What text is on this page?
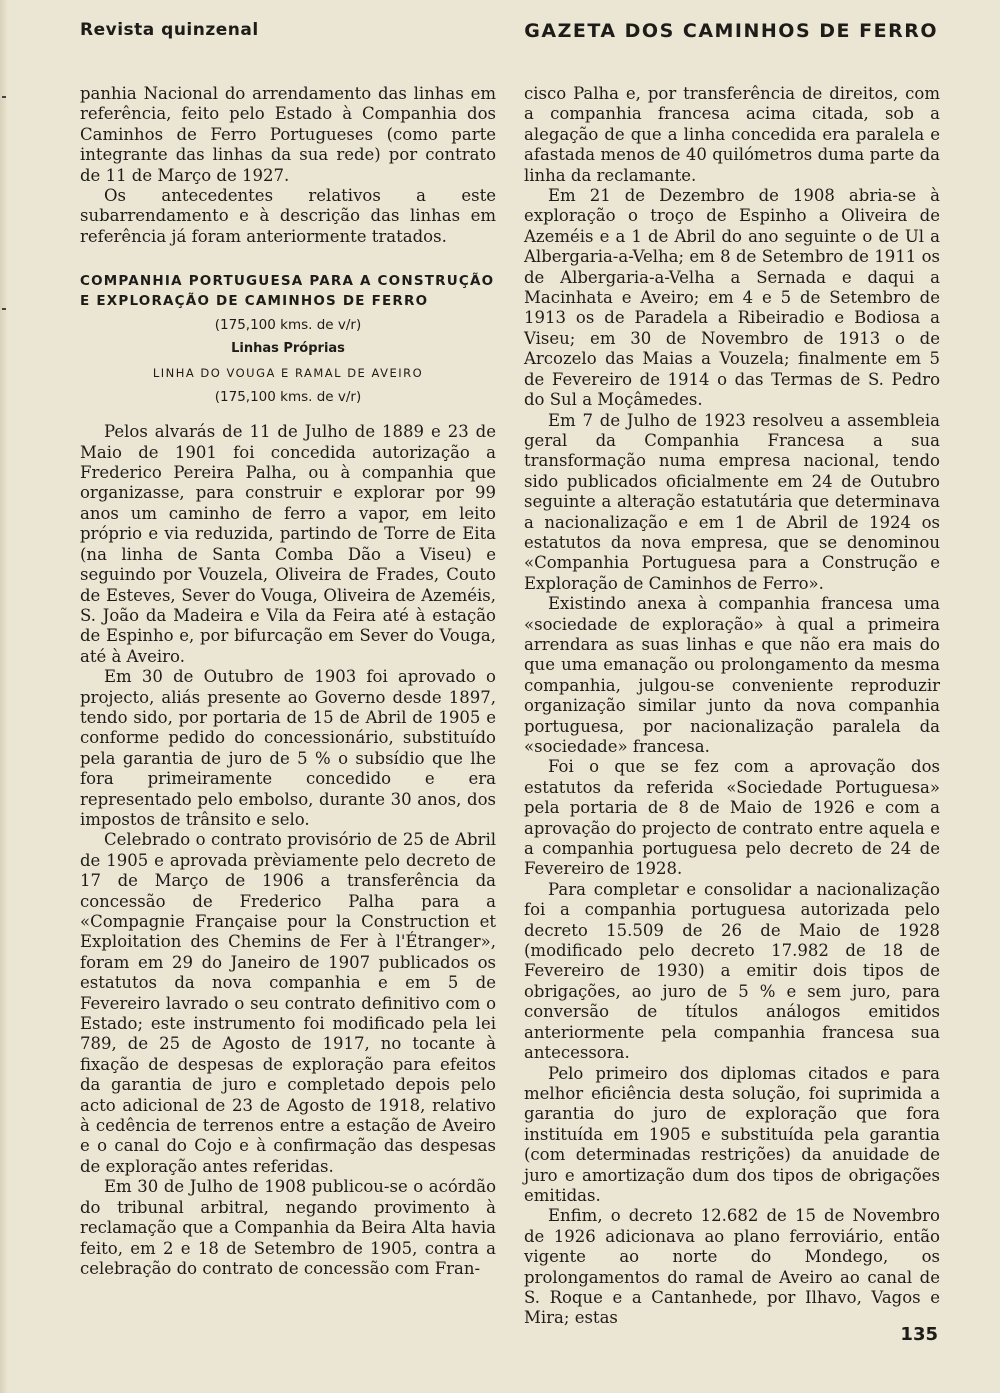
Revista quinzenal	GAZETA DOS CAMINHOS DE FERRO

panhia Nacional do arrendamento das linhas em referência, feito pelo Estado à Companhia dos Caminhos de Ferro Portugueses (como parte integrante das linhas da sua rede) por contrato de 11 de Março de 1927.

Os antecedentes relativos a este subarrendamento e à descrição das linhas em referência já foram anteriormente tratados.

COMPANHIA PORTUGUESA PARA A CONSTRUÇÃO E EXPLORAÇÃO DE CAMINHOS DE FERRO
(175,100 kms. de v/r)
Linhas Próprias
LINHA DO VOUGA E RAMAL DE AVEIRO
(175,100 kms. de v/r)

Pelos alvarás de 11 de Julho de 1889 e 23 de Maio de 1901 foi concedida autorização a Frederico Pereira Palha, ou à companhia que organizasse, para construir e explorar por 99 anos um caminho de ferro a vapor, em leito próprio e via reduzida, partindo de Torre de Eita (na linha de Santa Comba Dão a Viseu) e seguindo por Vouzela, Oliveira de Frades, Couto de Esteves, Sever do Vouga, Oliveira de Azeméis, S. João da Madeira e Vila da Feira até à estação de Espinho e, por bifurcação em Sever do Vouga, até à Aveiro.

Em 30 de Outubro de 1903 foi aprovado o projecto, aliás presente ao Governo desde 1897, tendo sido, por portaria de 15 de Abril de 1905 e conforme pedido do concessionário, substituído pela garantia de juro de 5 % o subsídio que lhe fora primeiramente concedido e era representado pelo embolso, durante 30 anos, dos impostos de trânsito e selo.

Celebrado o contrato provisório de 25 de Abril de 1905 e aprovada prèviamente pelo decreto de 17 de Março de 1906 a transferência da concessão de Frederico Palha para a «Compagnie Française pour la Construction et Exploitation des Chemins de Fer à l'Étranger», foram em 29 do Janeiro de 1907 publicados os estatutos da nova companhia e em 5 de Fevereiro lavrado o seu contrato definitivo com o Estado; este instrumento foi modificado pela lei 789, de 25 de Agosto de 1917, no tocante à fixação de despesas de exploração para efeitos da garantia de juro e completado depois pelo acto adicional de 23 de Agosto de 1918, relativo à cedência de terrenos entre a estação de Aveiro e o canal do Cojo e à confirmação das despesas de exploração antes referidas.

Em 30 de Julho de 1908 publicou-se o acórdão do tribunal arbitral, negando provimento à reclamação que a Companhia da Beira Alta havia feito, em 2 e 18 de Setembro de 1905, contra a celebração do contrato de concessão com Fran-

cisco Palha e, por transferência de direitos, com a companhia francesa acima citada, sob a alegação de que a linha concedida era paralela e afastada menos de 40 quilómetros duma parte da linha da reclamante.

Em 21 de Dezembro de 1908 abria-se à exploração o troço de Espinho a Oliveira de Azeméis e a 1 de Abril do ano seguinte o de Ul a Albergaria-a-Velha; em 8 de Setembro de 1911 os de Albergaria-a-Velha a Sernada e daqui a Macinhata e Aveiro; em 4 e 5 de Setembro de 1913 os de Paradela a Ribeiradio e Bodiosa a Viseu; em 30 de Novembro de 1913 o de Arcozelo das Maias a Vouzela; finalmente em 5 de Fevereiro de 1914 o das Termas de S. Pedro do Sul a Moçâmedes.

Em 7 de Julho de 1923 resolveu a assembleia geral da Companhia Francesa a sua transformação numa empresa nacional, tendo sido publicados oficialmente em 24 de Outubro seguinte a alteração estatutária que determinava a nacionalização e em 1 de Abril de 1924 os estatutos da nova empresa, que se denominou «Companhia Portuguesa para a Construção e Exploração de Caminhos de Ferro».

Existindo anexa à companhia francesa uma «sociedade de exploração» à qual a primeira arrendara as suas linhas e que não era mais do que uma emanação ou prolongamento da mesma companhia, julgou-se conveniente reproduzir organização similar junto da nova companhia portuguesa, por nacionalização paralela da «sociedade» francesa.

Foi o que se fez com a aprovação dos estatutos da referida «Sociedade Portuguesa» pela portaria de 8 de Maio de 1926 e com a aprovação do projecto de contrato entre aquela e a companhia portuguesa pelo decreto de 24 de Fevereiro de 1928.

Para completar e consolidar a nacionalização foi a companhia portuguesa autorizada pelo decreto 15.509 de 26 de Maio de 1928 (modificado pelo decreto 17.982 de 18 de Fevereiro de 1930) a emitir dois tipos de obrigações, ao juro de 5 % e sem juro, para conversão de títulos análogos emitidos anteriormente pela companhia francesa sua antecessora.

Pelo primeiro dos diplomas citados e para melhor eficiência desta solução, foi suprimida a garantia do juro de exploração que fora instituída em 1905 e substituída pela garantia (com determinadas restrições) da anuidade de juro e amortização dum dos tipos de obrigações emitidas.

Enfim, o decreto 12.682 de 15 de Novembro de 1926 adicionava ao plano ferroviário, então vigente ao norte do Mondego, os prolongamentos do ramal de Aveiro ao canal de S. Roque e a Cantanhede, por Ilhavo, Vagos e Mira; estas

135
